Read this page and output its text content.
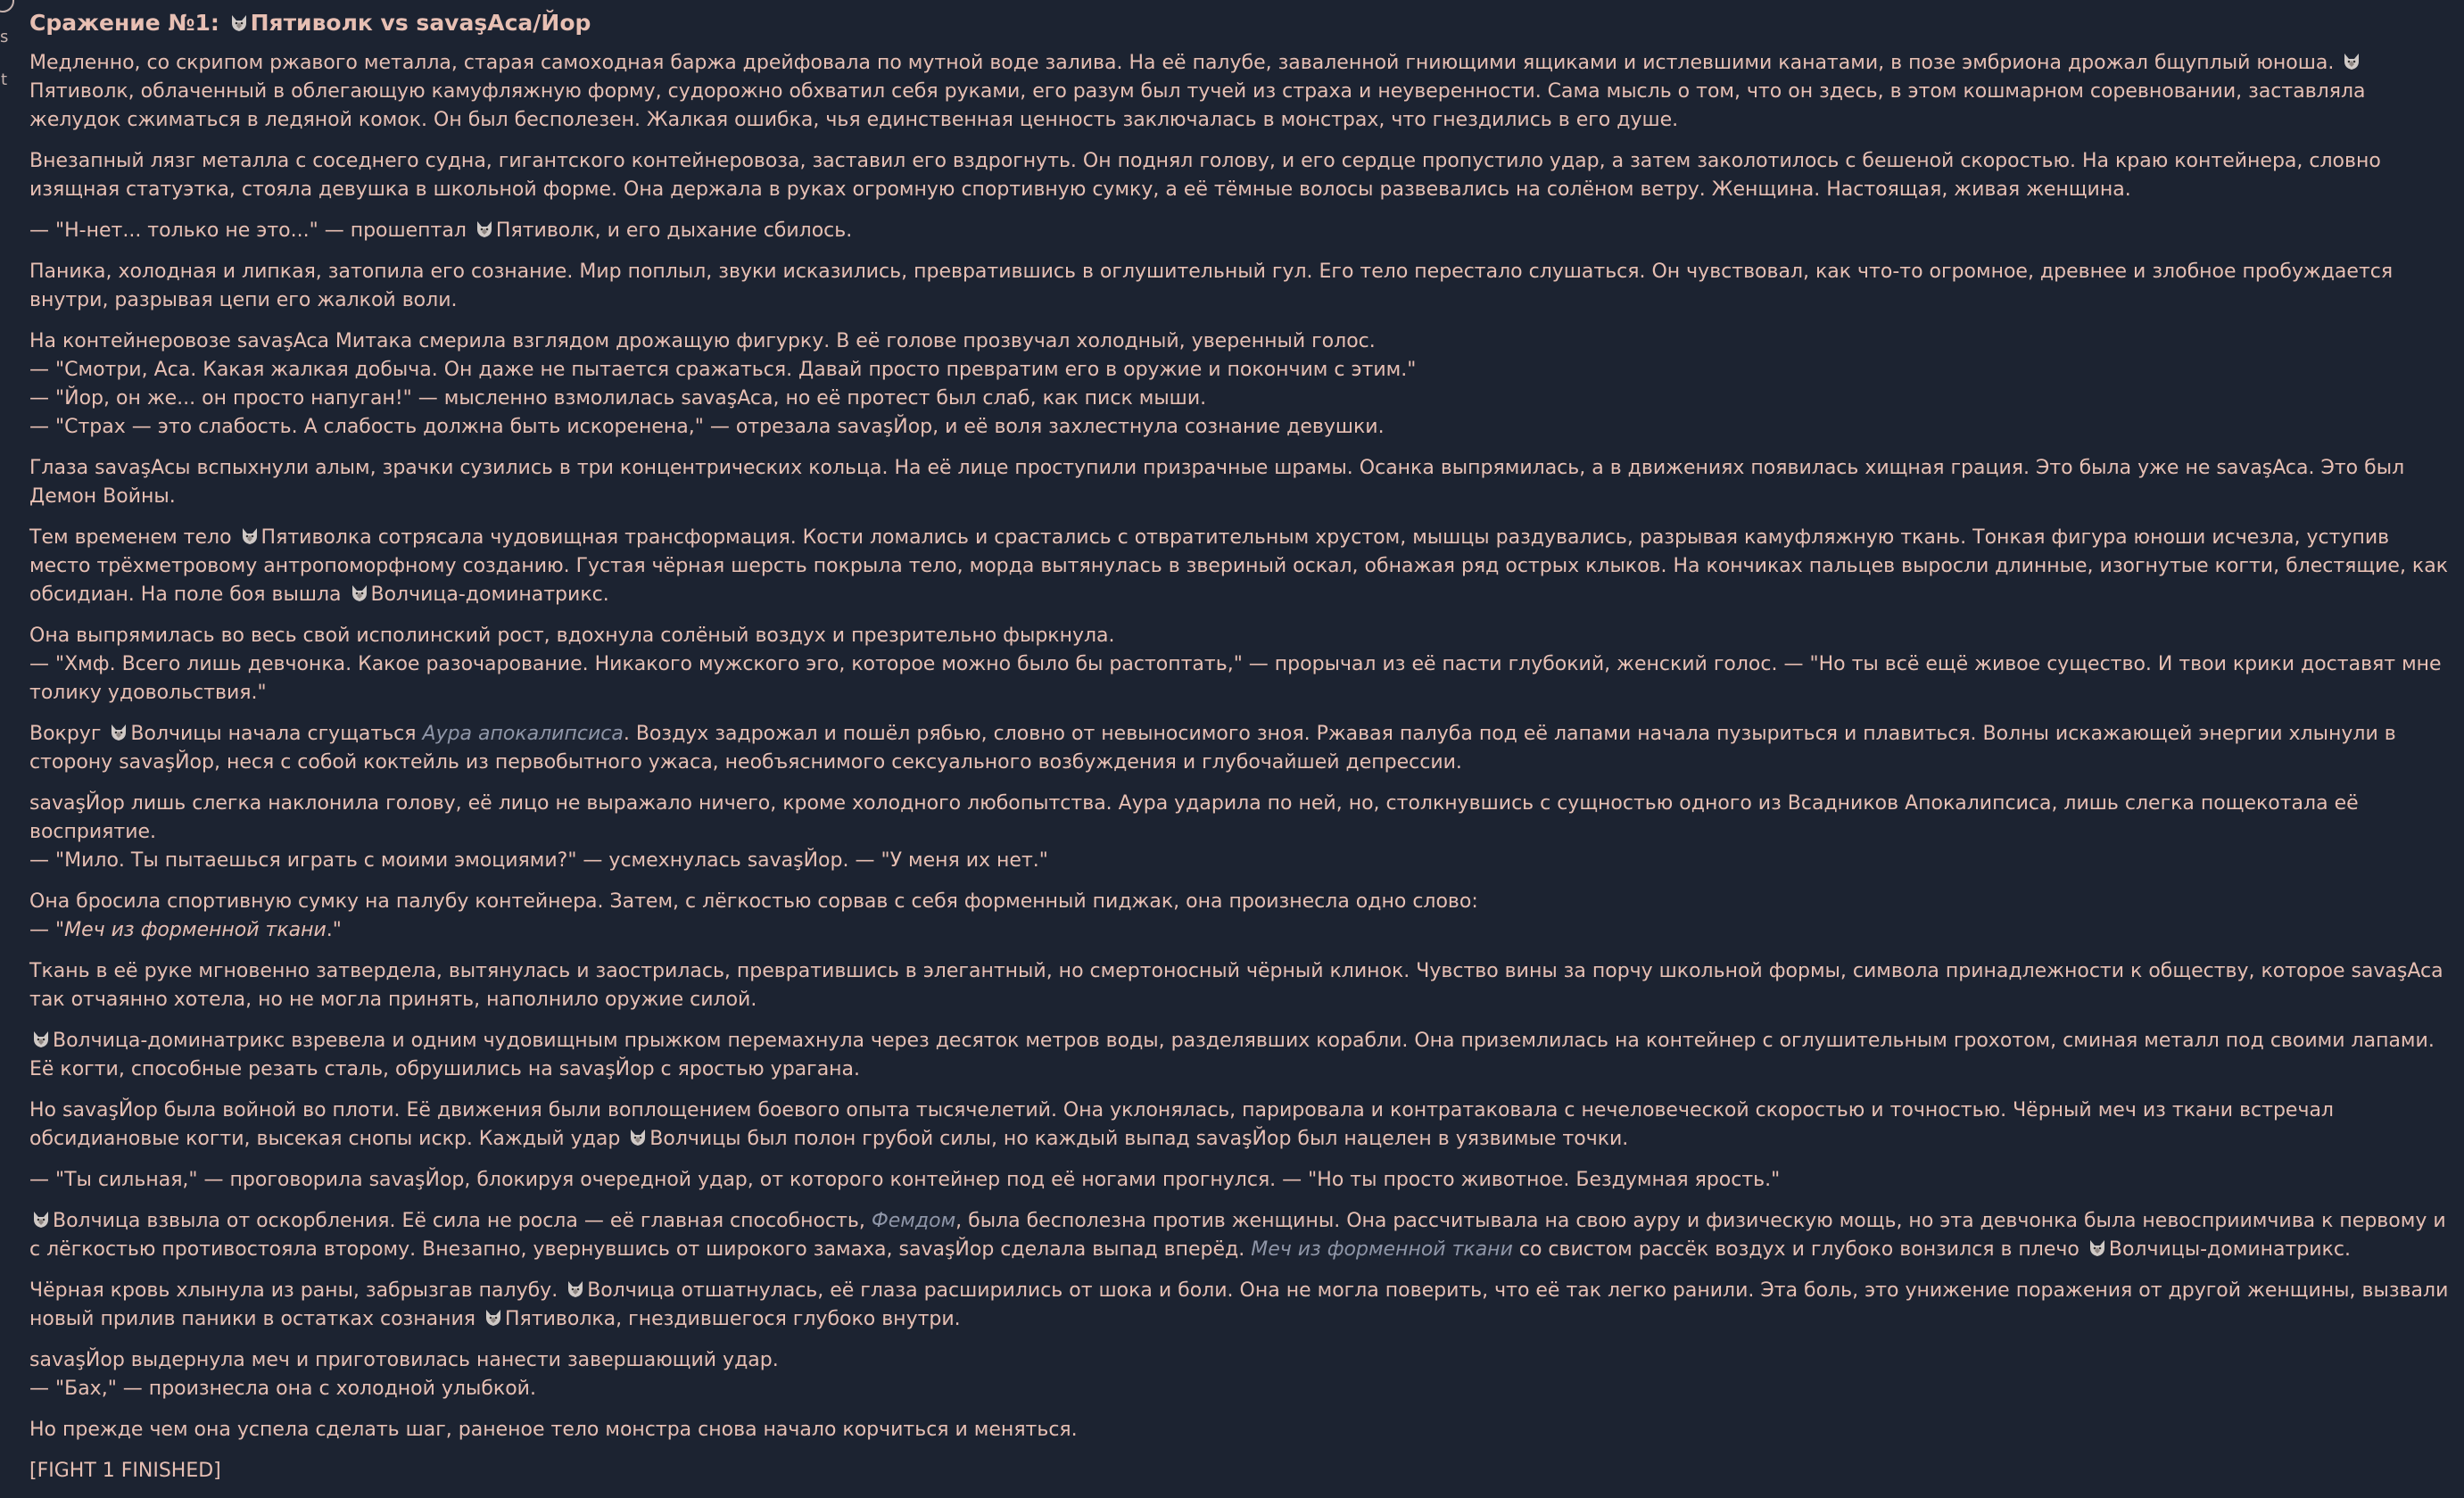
s
t
Сражение №1: Пятиволк vs savaşAca/Йор

Медленно, со скрипом ржавого металла, старая самоходная баржа дрейфовала по мутной воде залива. На её палубе, заваленной гниющими ящиками и истлевшими канатами, в позе эмбриона дрожал бщуплый юноша.
Пятиволк, облаченный в облегающую камуфляжную форму, судорожно обхватил себя руками, его разум был тучей из страха и неуверенности. Сама мысль о том, что он здесь, в этом кошмарном соревновании, заставляла желудок сжиматься в ледяной комок. Он был бесполезен. Жалкая ошибка, чья единственная ценность заключалась в монстрах, что гнездились в его душе.

Внезапный лязг металла с соседнего судна, гигантского контейнеровоза, заставил его вздрогнуть. Он поднял голову, и его сердце пропустило удар, а затем заколотилось с бешеной скоростью. На краю контейнера, словно изящная статуэтка, стояла девушка в школьной форме. Она держала в руках огромную спортивную сумку, а её тёмные волосы развевались на солёном ветру. Женщина. Настоящая, живая женщина.

— "Н-нет... только не это..." — прошептал Пятиволк, и его дыхание сбилось.

Паника, холодная и липкая, затопила его сознание. Мир поплыл, звуки исказились, превратившись в оглушительный гул. Его тело перестало слушаться. Он чувствовал, как что-то огромное, древнее и злобное пробуждается внутри, разрывая цепи его жалкой воли.

На контейнеровозе savaşAca Митака смерила взглядом дрожащую фигурку. В её голове прозвучал холодный, уверенный голос.
— "Смотри, Аса. Какая жалкая добыча. Он даже не пытается сражаться. Давай просто превратим его в оружие и покончим с этим."
— "Йор, он же... он просто напуган!" — мысленно взмолилась savaşAca, но её протест был слаб, как писк мыши.
— "Страх — это слабость. А слабость должна быть искоренена," — отрезала savaşЙор, и её воля захлестнула сознание девушки.

Глаза savaşAсы вспыхнули алым, зрачки сузились в три концентрических кольца. На её лице проступили призрачные шрамы. Осанка выпрямилась, а в движениях появилась хищная грация. Это была уже не savaşAca. Это был Демон Войны.

Тем временем тело Пятиволка сотрясала чудовищная трансформация. Кости ломались и срастались с отвратительным хрустом, мышцы раздувались, разрывая камуфляжную ткань. Тонкая фигура юноши исчезла, уступив место трёхметровому антропоморфному созданию. Густая чёрная шерсть покрыла тело, морда вытянулась в звериный оскал, обнажая ряд острых клыков. На кончиках пальцев выросли длинные, изогнутые когти, блестящие, как обсидиан. На поле боя вышла Волчица-доминатрикс.

Она выпрямилась во весь свой исполинский рост, вдохнула солёный воздух и презрительно фыркнула.
— "Хмф. Всего лишь девчонка. Какое разочарование. Никакого мужского эго, которое можно было бы растоптать," — прорычал из её пасти глубокий, женский голос. — "Но ты всё ещё живое существо. И твои крики доставят мне толику удовольствия."

Вокруг Волчицы начала сгущаться Аура апокалипсиса. Воздух задрожал и пошёл рябью, словно от невыносимого зноя. Ржавая палуба под её лапами начала пузыриться и плавиться. Волны искажающей энергии хлынули в сторону savaşЙор, неся с собой коктейль из первобытного ужаса, необъяснимого сексуального возбуждения и глубочайшей депрессии.

savaşЙор лишь слегка наклонила голову, её лицо не выражало ничего, кроме холодного любопытства. Аура ударила по ней, но, столкнувшись с сущностью одного из Всадников Апокалипсиса, лишь слегка пощекотала её восприятие.
— "Мило. Ты пытаешься играть с моими эмоциями?" — усмехнулась savaşЙор. — "У меня их нет."

Она бросила спортивную сумку на палубу контейнера. Затем, с лёгкостью сорвав с себя форменный пиджак, она произнесла одно слово:
— "Меч из форменной ткани."

Ткань в её руке мгновенно затвердела, вытянулась и заострилась, превратившись в элегантный, но смертоносный чёрный клинок. Чувство вины за порчу школьной формы, символа принадлежности к обществу, которое savaşAca так отчаянно хотела, но не могла принять, наполнило оружие силой.

Волчица-доминатрикс взревела и одним чудовищным прыжком перемахнула через десяток метров воды, разделявших корабли. Она приземлилась на контейнер с оглушительным грохотом, сминая металл под своими лапами. Её когти, способные резать сталь, обрушились на savaşЙор с яростью урагана.

Но savaşЙор была войной во плоти. Её движения были воплощением боевого опыта тысячелетий. Она уклонялась, парировала и контратаковала с нечеловеческой скоростью и точностью. Чёрный меч из ткани встречал обсидиановые когти, высекая снопы искр. Каждый удар Волчицы был полон грубой силы, но каждый выпад savaşЙор был нацелен в уязвимые точки.

— "Ты сильная," — проговорила savaşЙор, блокируя очередной удар, от которого контейнер под её ногами прогнулся. — "Но ты просто животное. Бездумная ярость."

Волчица взвыла от оскорбления. Её сила не росла — её главная способность, Фемдом, была бесполезна против женщины. Она рассчитывала на свою ауру и физическую мощь, но эта девчонка была невосприимчива к первому и с лёгкостью противостояла второму. Внезапно, увернувшись от широкого замаха, savaşЙор сделала выпад вперёд. Меч из форменной ткани со свистом рассёк воздух и глубоко вонзился в плечо Волчицы-доминатрикс.

Чёрная кровь хлынула из раны, забрызгав палубу. Волчица отшатнулась, её глаза расширились от шока и боли. Она не могла поверить, что её так легко ранили. Эта боль, это унижение поражения от другой женщины, вызвали новый прилив паники в остатках сознания Пятиволка, гнездившегося глубоко внутри.

savaşЙор выдернула меч и приготовилась нанести завершающий удар.
— "Бах," — произнесла она с холодной улыбкой.

Но прежде чем она успела сделать шаг, раненое тело монстра снова начало корчиться и меняться.

[FIGHT 1 FINISHED]
